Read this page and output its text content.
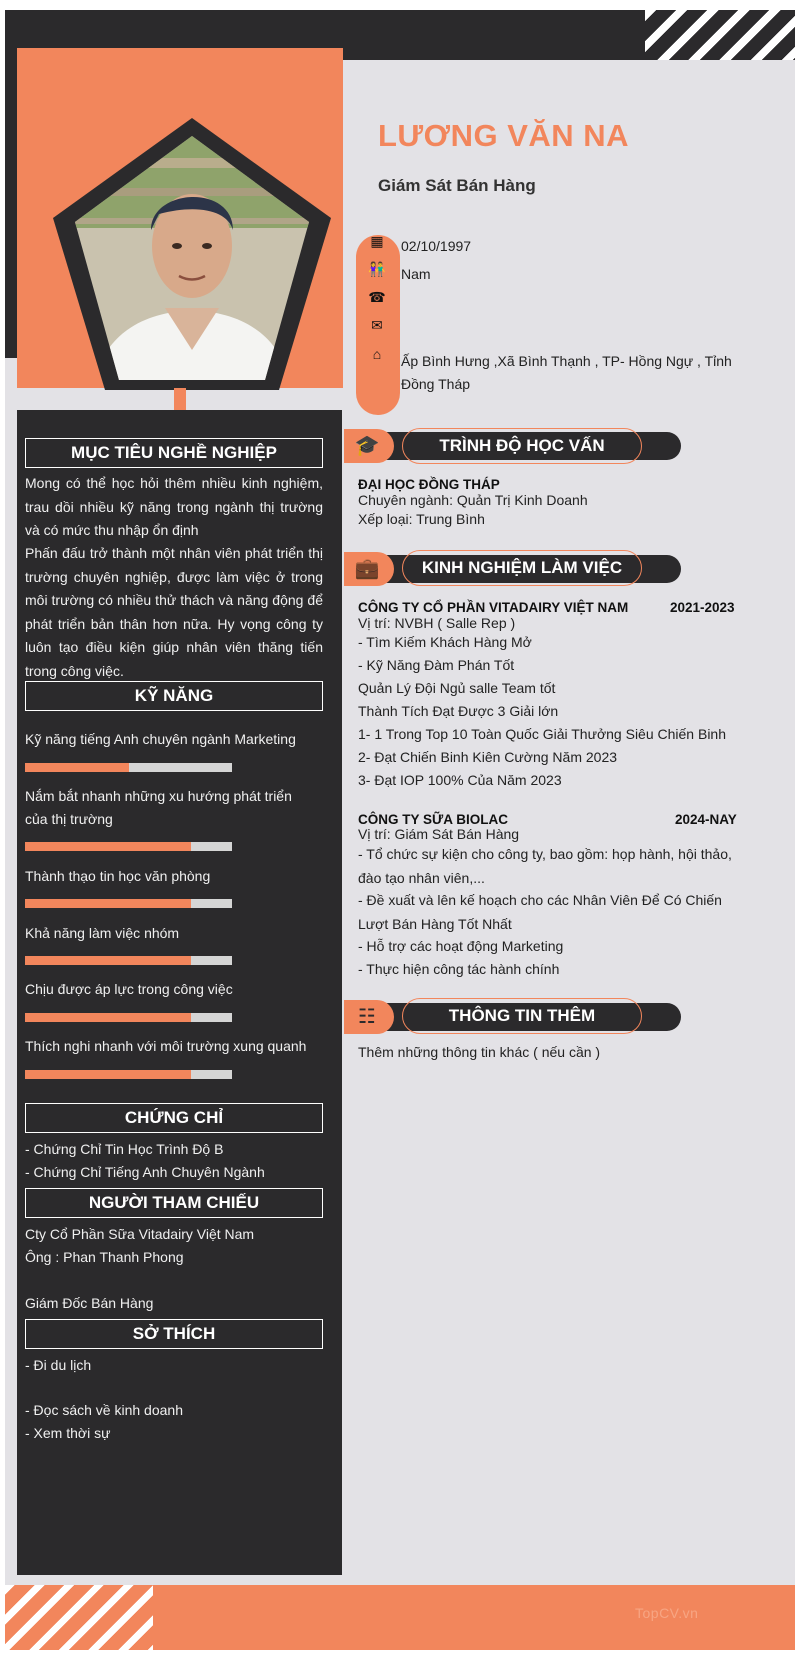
LƯƠNG VĂN NA
Giám Sát Bán Hàng
▦ 02/10/1997
👫 Nam
☎
✉
⌂	Ấp Bình Hưng ,Xã Bình Thạnh , TP- Hồng Ngự , Tỉnh Đồng Tháp
MỤC TIÊU NGHỀ NGHIỆP
Mong có thể học hỏi thêm nhiều kinh nghiệm, trau dồi nhiều kỹ năng trong ngành thị trường và có mức thu nhập ổn định
Phấn đấu trở thành một nhân viên phát triển thị trường chuyên nghiệp, được làm việc ở trong môi trường có nhiều thử thách và năng động để phát triển bản thân hơn nữa. Hy vọng công ty luôn tạo điều kiện giúp nhân viên thăng tiến trong công việc.
KỸ NĂNG
Kỹ năng tiếng Anh chuyên ngành Marketing
Nắm bắt nhanh những xu hướng phát triển của thị trường
Thành thạo tin học văn phòng
Khả năng làm việc nhóm
Chịu được áp lực trong công việc
Thích nghi nhanh với môi trường xung quanh
CHỨNG CHỈ
- Chứng Chỉ Tin Học Trình Độ B
- Chứng Chỉ Tiếng Anh Chuyên Ngành
NGƯỜI THAM CHIẾU
Cty Cổ Phần Sữa Vitadairy Việt Nam
Ông : Phan Thanh Phong
Giám Đốc Bán Hàng
SỞ THÍCH
- Đi du lịch
- Đọc sách về kinh doanh
- Xem thời sự
🎓	TRÌNH ĐỘ HỌC VẤN
ĐẠI HỌC ĐỒNG THÁP
Chuyên ngành: Quản Trị Kinh Doanh
Xếp loại: Trung Bình
💼	KINH NGHIỆM LÀM VIỆC
CÔNG TY CỔ PHẦN VITADAIRY VIỆT NAM	2021-2023
Vị trí: NVBH ( Salle Rep )
- Tìm Kiếm Khách Hàng Mở
- Kỹ Năng Đàm Phán Tốt
Quản Lý Đội Ngủ salle Team tốt
Thành Tích Đạt Được 3 Giải lớn
1- 1 Trong Top 10 Toàn Quốc Giải Thưởng Siêu Chiến Binh
2- Đạt Chiến Binh Kiên Cường Năm 2023
3- Đạt IOP 100% Của Năm 2023
CÔNG TY SỮA BIOLAC	2024-NAY
Vị trí: Giám Sát Bán Hàng
- Tổ chức sự kiện cho công ty, bao gồm: họp hành, hội thảo, đào tạo nhân viên,...
- Đề xuất và lên kế hoạch cho các Nhân Viên Để Có Chiến Lượt Bán Hàng Tốt Nhất
- Hỗ trợ các hoạt động Marketing
- Thực hiện công tác hành chính
☷	THÔNG TIN THÊM
Thêm những thông tin khác ( nếu cần )
TopCV.vn
